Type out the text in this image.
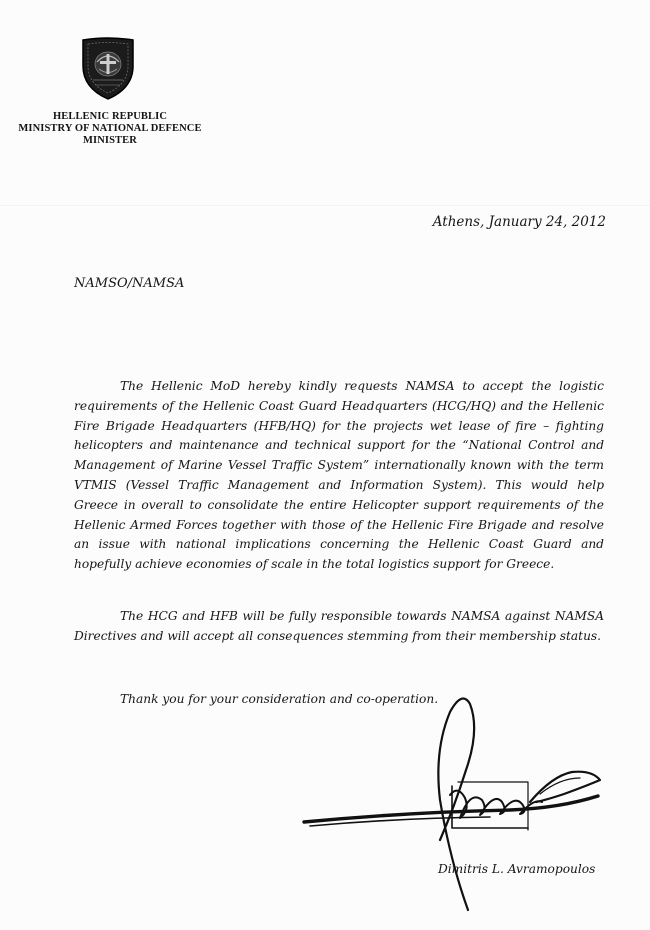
HELLENIC REPUBLIC
MINISTRY OF NATIONAL DEFENCE
MINISTER
Athens, January 24, 2012
NAMSO/NAMSA
The Hellenic MoD hereby kindly requests NAMSA to accept the logistic requirements of the Hellenic Coast Guard Headquarters (HCG/HQ) and the Hellenic Fire Brigade Headquarters (HFB/HQ) for the projects wet lease of fire – fighting helicopters and maintenance and technical support for the “National Control and Management of Marine Vessel Traffic System” internationally known with the term VTMIS (Vessel Traffic Management and Information System). This would help Greece in overall to consolidate the entire Helicopter support requirements of the Hellenic Armed Forces together with those of the Hellenic Fire Brigade and resolve an issue with national implications concerning the Hellenic Coast Guard and hopefully achieve economies of scale in the total logistics support for Greece.
The HCG and HFB will be fully responsible towards NAMSA against NAMSA Directives and will accept all consequences stemming from their membership status.
Thank you for your consideration and co-operation.
Dimitris L. Avramopoulos
